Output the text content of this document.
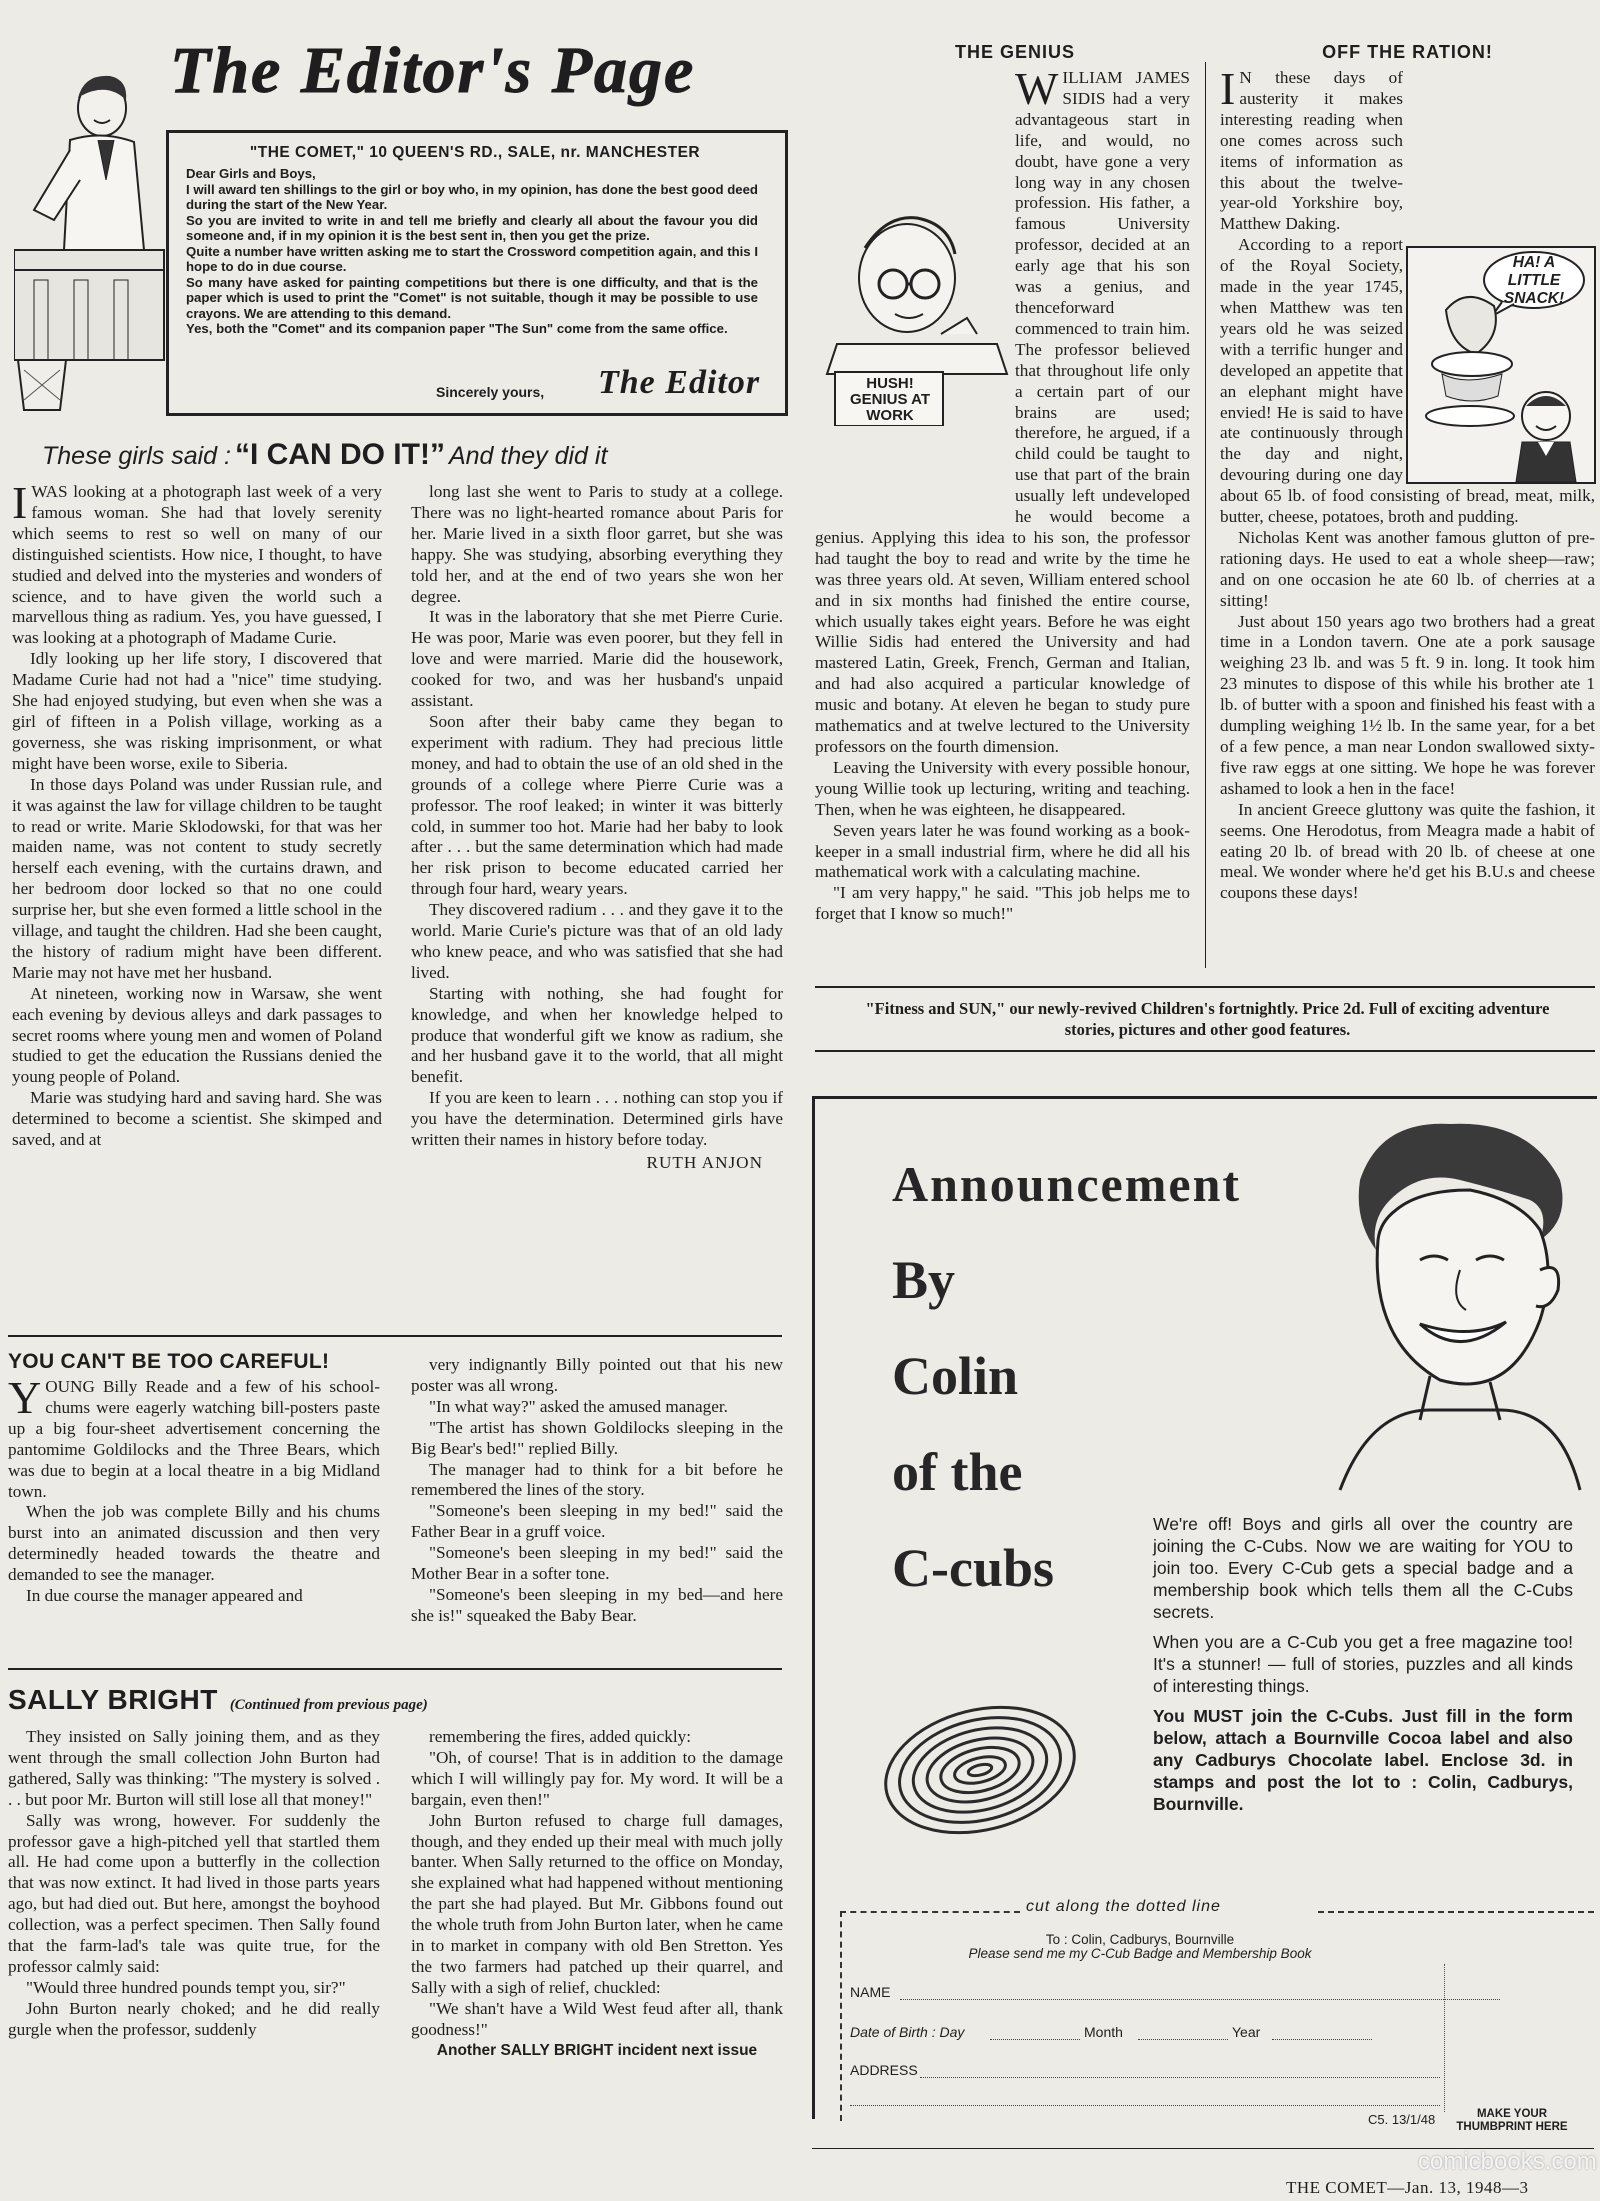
The Editor's Page
"THE COMET," 10 QUEEN'S RD., SALE, nr. MANCHESTER
Dear Girls and Boys,
I will award ten shillings to the girl or boy who, in my opinion, has done the best good deed during the start of the New Year.
So you are invited to write in and tell me briefly and clearly all about the favour you did someone and, if in my opinion it is the best sent in, then you get the prize.
Quite a number have written asking me to start the Crossword competition again, and this I hope to do in due course.
So many have asked for painting competitions but there is one difficulty, and that is the paper which is used to print the "Comet" is not suitable, though it may be possible to use crayons. We are attending to this demand.
Yes, both the "Comet" and its companion paper "The Sun" come from the same office.
Sincerely yours, The Editor
These girls said : “I CAN DO IT!” And they did it

I WAS looking at a photograph last week of a very famous woman. She had that lovely serenity which seems to rest so well on many of our distinguished scientists. How nice, I thought, to have studied and delved into the mysteries and wonders of science, and to have given the world such a marvellous thing as radium. Yes, you have guessed, I was looking at a photograph of Madame Curie.

Idly looking up her life story, I discovered that Madame Curie had not had a "nice" time studying. She had enjoyed studying, but even when she was a girl of fifteen in a Polish village, working as a governess, she was risking imprisonment, or what might have been worse, exile to Siberia.

In those days Poland was under Russian rule, and it was against the law for village children to be taught to read or write. Marie Sklodowski, for that was her maiden name, was not content to study secretly herself each evening, with the curtains drawn, and her bedroom door locked so that no one could surprise her, but she even formed a little school in the village, and taught the children. Had she been caught, the history of radium might have been different. Marie may not have met her husband.

At nineteen, working now in Warsaw, she went each evening by devious alleys and dark passages to secret rooms where young men and women of Poland studied to get the education the Russians denied the young people of Poland.

Marie was studying hard and saving hard. She was determined to become a scientist. She skimped and saved, and at

long last she went to Paris to study at a college. There was no light-hearted romance about Paris for her. Marie lived in a sixth floor garret, but she was happy. She was studying, absorbing everything they told her, and at the end of two years she won her degree.

It was in the laboratory that she met Pierre Curie. He was poor, Marie was even poorer, but they fell in love and were married. Marie did the housework, cooked for two, and was her husband's unpaid assistant.

Soon after their baby came they began to experiment with radium. They had precious little money, and had to obtain the use of an old shed in the grounds of a college where Pierre Curie was a professor. The roof leaked; in winter it was bitterly cold, in summer too hot. Marie had her baby to look after . . . but the same determination which had made her risk prison to become educated carried her through four hard, weary years.

They discovered radium . . . and they gave it to the world. Marie Curie's picture was that of an old lady who knew peace, and who was satisfied that she had lived.

Starting with nothing, she had fought for knowledge, and when her knowledge helped to produce that wonderful gift we know as radium, she and her husband gave it to the world, that all might benefit.

If you are keen to learn . . . nothing can stop you if you have the determination. Determined girls have written their names in history before today.

RUTH ANJON
YOU CAN'T BE TOO CAREFUL!

YOUNG Billy Reade and a few of his school-chums were eagerly watching bill-posters paste up a big four-sheet advertisement concerning the pantomime Goldilocks and the Three Bears, which was due to begin at a local theatre in a big Midland town.

When the job was complete Billy and his chums burst into an animated discussion and then very determinedly headed towards the theatre and demanded to see the manager.

In due course the manager appeared and

very indignantly Billy pointed out that his new poster was all wrong.

"In what way?" asked the amused manager.

"The artist has shown Goldilocks sleeping in the Big Bear's bed!" replied Billy.

The manager had to think for a bit before he remembered the lines of the story.

"Someone's been sleeping in my bed!" said the Father Bear in a gruff voice.

"Someone's been sleeping in my bed!" said the Mother Bear in a softer tone.

"Someone's been sleeping in my bed—and here she is!" squeaked the Baby Bear.

SALLY BRIGHT (Continued from previous page)

They insisted on Sally joining them, and as they went through the small collection John Burton had gathered, Sally was thinking: "The mystery is solved . . . but poor Mr. Burton will still lose all that money!"

Sally was wrong, however. For suddenly the professor gave a high-pitched yell that startled them all. He had come upon a butterfly in the collection that was now extinct. It had lived in those parts years ago, but had died out. But here, amongst the boyhood collection, was a perfect specimen. Then Sally found that the farm-lad's tale was quite true, for the professor calmly said:

"Would three hundred pounds tempt you, sir?"

John Burton nearly choked; and he did really gurgle when the professor, suddenly

remembering the fires, added quickly:

"Oh, of course! That is in addition to the damage which I will willingly pay for. My word. It will be a bargain, even then!"

John Burton refused to charge full damages, though, and they ended up their meal with much jolly banter. When Sally returned to the office on Monday, she explained what had happened without mentioning the part she had played. But Mr. Gibbons found out the whole truth from John Burton later, when he came in to market in company with old Ben Stretton. Yes the two farmers had patched up their quarrel, and Sally with a sigh of relief, chuckled:

"We shan't have a Wild West feud after all, thank goodness!"

Another SALLY BRIGHT incident next issue
THE GENIUS
HUSH! GENIUS AT WORK

WILLIAM JAMES SIDIS had a very advantageous start in life, and would, no doubt, have gone a very long way in any chosen profession. His father, a famous University professor, decided at an early age that his son was a genius, and thenceforward commenced to train him. The professor believed that throughout life only a certain part of our brains are used; therefore, he argued, if a child could be taught to use that part of the brain usually left undeveloped he would become a genius. Applying this idea to his son, the professor had taught the boy to read and write by the time he was three years old. At seven, William entered school and in six months had finished the entire course, which usually takes eight years. Before he was eight Willie Sidis had entered the University and had mastered Latin, Greek, French, German and Italian, and had also acquired a particular knowledge of music and botany. At eleven he began to study pure mathematics and at twelve lectured to the University professors on the fourth dimension.

Leaving the University with every possible honour, young Willie took up lecturing, writing and teaching. Then, when he was eighteen, he disappeared.

Seven years later he was found working as a book-keeper in a small industrial firm, where he did all his mathematical work with a calculating machine.

"I am very happy," he said. "This job helps me to forget that I know so much!"

OFF THE RATION!
HA! A LITTLE SNACK!

I N these days of austerity it makes interesting reading when one comes across such items of information as this about the twelve-year-old Yorkshire boy, Matthew Daking.

According to a report of the Royal Society, made in the year 1745, when Matthew was ten years old he was seized with a terrific hunger and developed an appetite that an elephant might have envied! He is said to have ate continuously through the day and night, devouring during one day about 65 lb. of food consisting of bread, meat, milk, butter, cheese, potatoes, broth and pudding.

Nicholas Kent was another famous glutton of pre-rationing days. He used to eat a whole sheep—raw; and on one occasion he ate 60 lb. of cherries at a sitting!

Just about 150 years ago two brothers had a great time in a London tavern. One ate a pork sausage weighing 23 lb. and was 5 ft. 9 in. long. It took him 23 minutes to dispose of this while his brother ate 1 lb. of butter with a spoon and finished his feast with a dumpling weighing 1½ lb. In the same year, for a bet of a few pence, a man near London swallowed sixty-five raw eggs at one sitting. We hope he was forever ashamed to look a hen in the face!

In ancient Greece gluttony was quite the fashion, it seems. One Herodotus, from Meagra made a habit of eating 20 lb. of bread with 20 lb. of cheese at one meal. We wonder where he'd get his B.U.s and cheese coupons these days!

"Fitness and SUN," our newly-revived Children's fortnightly. Price 2d. Full of exciting adventure stories, pictures and other good features.
Announcement
By
Colin
of the
C-cubs

We're off! Boys and girls all over the country are joining the C-Cubs. Now we are waiting for YOU to join too. Every C-Cub gets a special badge and a membership book which tells them all the C-Cubs secrets.

When you are a C-Cub you get a free magazine too! It's a stunner! — full of stories, puzzles and all kinds of interesting things.

You MUST join the C-Cubs. Just fill in the form below, attach a Bournville Cocoa label and also any Cadburys Chocolate label. Enclose 3d. in stamps and post the lot to : Colin, Cadburys, Bournville.

cut along the dotted line
To : Colin, Cadburys, Bournville
Please send me my C-Cub Badge and Membership Book
NAME
Date of Birth : Day	Month	Year
ADDRESS
C5. 13/1/48	MAKE YOUR THUMBPRINT HERE
THE COMET—Jan. 13, 1948—3
comicbooks.com
